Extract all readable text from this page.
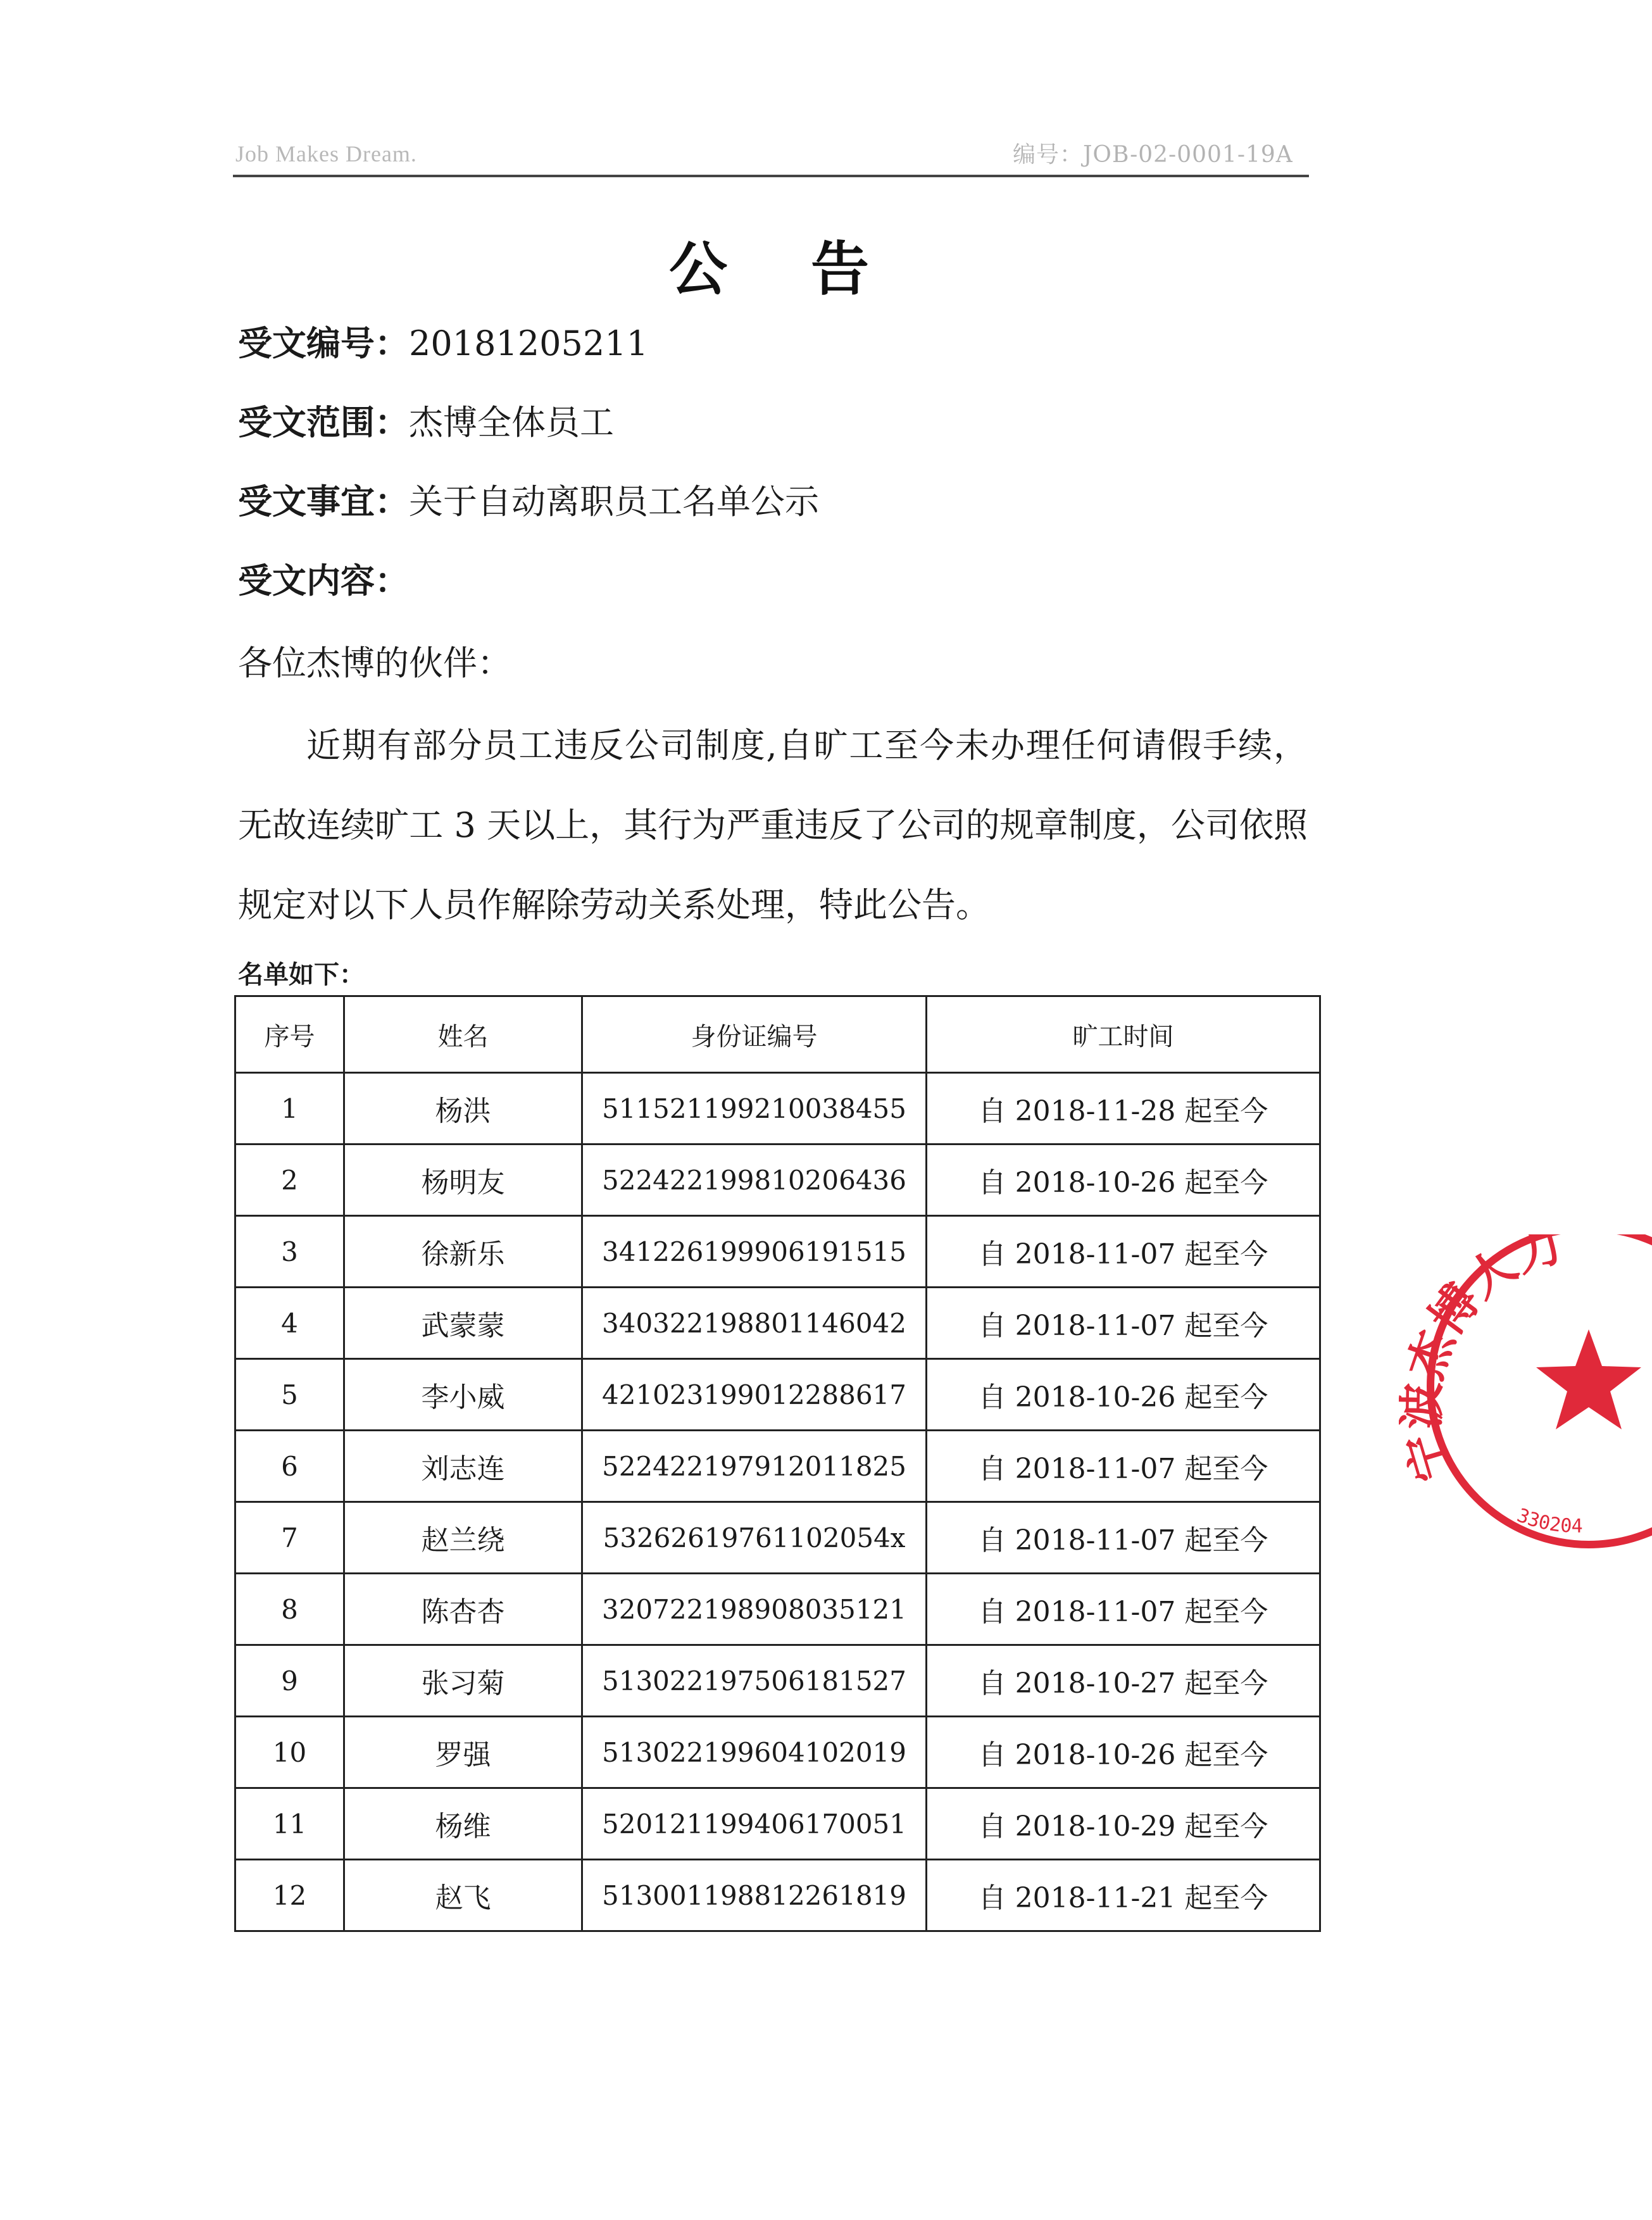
Job Makes Dream.	编号：JOB-02-0001-19A
公 告
受文编号：20181205211
受文范围：杰博全体员工
受文事宜：关于自动离职员工名单公示
受文内容：
各位杰博的伙伴：
近期有部分员工违反公司制度,自旷工至今未办理任何请假手续，无故连续旷工 3 天以上，其行为严重违反了公司的规章制度，公司依照规定对以下人员作解除劳动关系处理，特此公告。
名单如下：
序号	姓名	身份证编号	旷工时间
1	杨洪	511521199210038455	自 2018-11-28 起至今
2	杨明友	522422199810206436	自 2018-10-26 起至今
3	徐新乐	341226199906191515	自 2018-11-07 起至今
4	武蒙蒙	340322198801146042	自 2018-11-07 起至今
5	李小威	421023199012288617	自 2018-10-26 起至今
6	刘志连	522422197912011825	自 2018-11-07 起至今
7	赵兰绕	53262619761102054x	自 2018-11-07 起至今
8	陈杏杏	320722198908035121	自 2018-11-07 起至今
9	张习菊	513022197506181527	自 2018-10-27 起至今
10	罗强	513022199604102019	自 2018-10-26 起至今
11	杨维	520121199406170051	自 2018-10-29 起至今
12	赵飞	513001198812261819	自 2018-11-21 起至今
宁波杰博人力
330204
